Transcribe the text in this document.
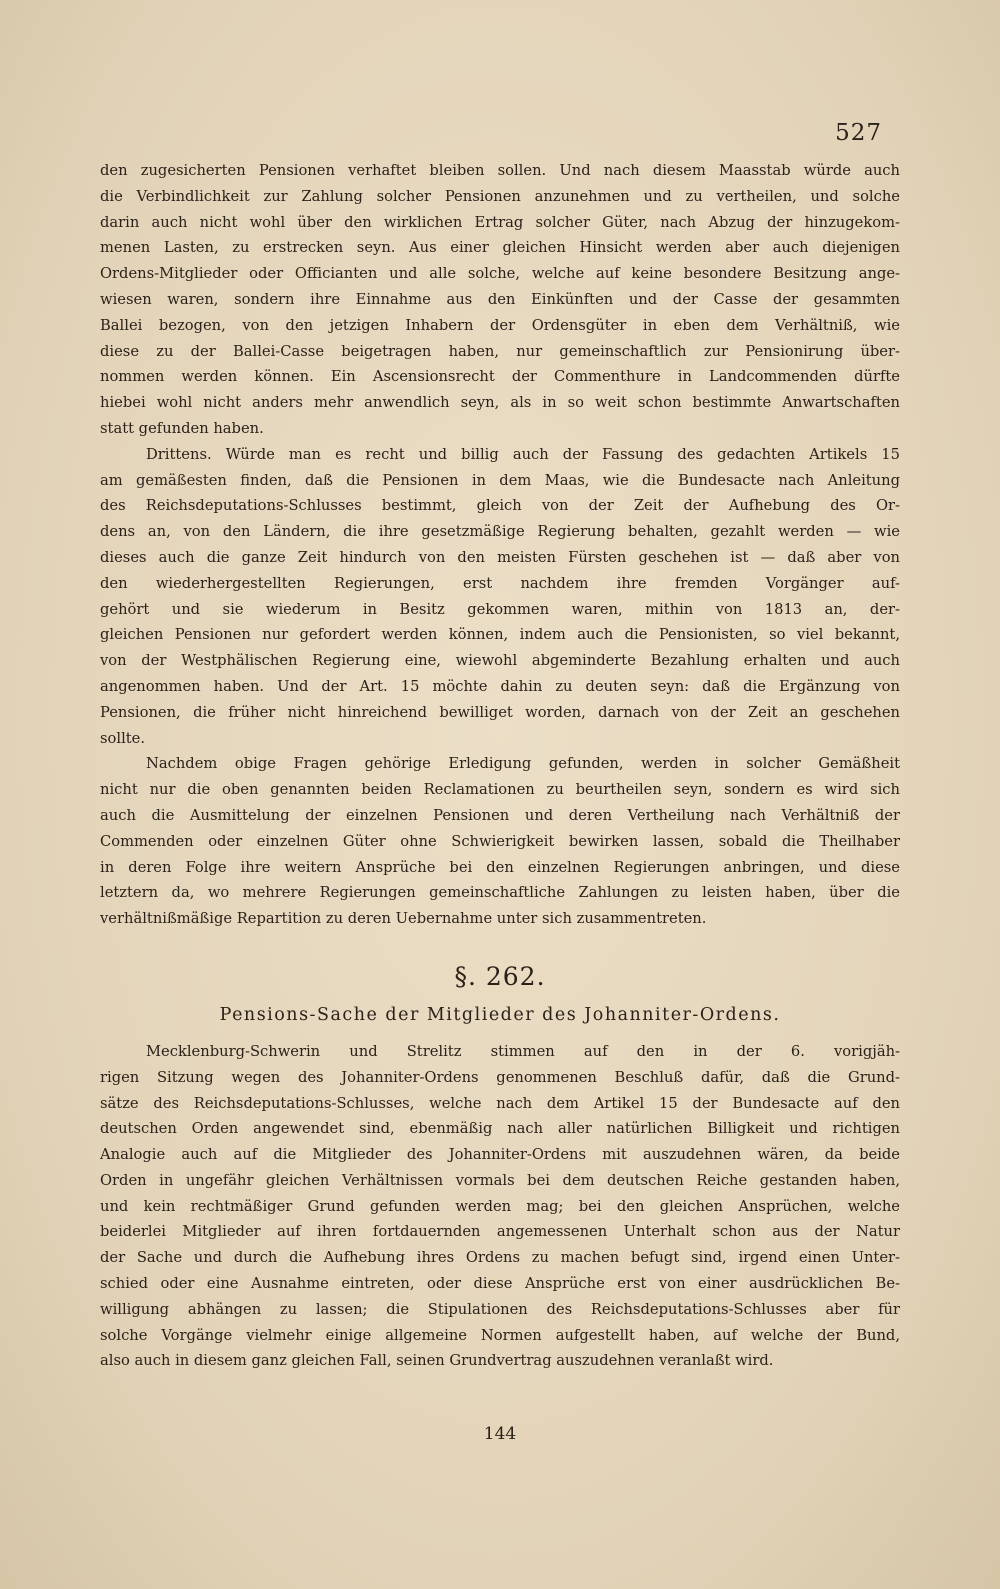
527
den zugesicherten Pensionen verhaftet bleiben sollen. Und nach diesem Maasstab würde auch
die Verbindlichkeit zur Zahlung solcher Pensionen anzunehmen und zu vertheilen, und solche
darin auch nicht wohl über den wirklichen Ertrag solcher Güter, nach Abzug der hinzugekom-
menen Lasten, zu erstrecken seyn. Aus einer gleichen Hinsicht werden aber auch diejenigen
Ordens-Mitglieder oder Officianten und alle solche, welche auf keine besondere Besitzung ange-
wiesen waren, sondern ihre Einnahme aus den Einkünften und der Casse der gesammten
Ballei bezogen, von den jetzigen Inhabern der Ordensgüter in eben dem Verhältniß, wie
diese zu der Ballei-Casse beigetragen haben, nur gemeinschaftlich zur Pensionirung über-
nommen werden können. Ein Ascensionsrecht der Commenthure in Landcommenden dürfte
hiebei wohl nicht anders mehr anwendlich seyn, als in so weit schon bestimmte Anwartschaften
statt gefunden haben.
Drittens. Würde man es recht und billig auch der Fassung des gedachten Artikels 15
am gemäßesten finden, daß die Pensionen in dem Maas, wie die Bundesacte nach Anleitung
des Reichsdeputations-Schlusses bestimmt, gleich von der Zeit der Aufhebung des Or-
dens an, von den Ländern, die ihre gesetzmäßige Regierung behalten, gezahlt werden — wie
dieses auch die ganze Zeit hindurch von den meisten Fürsten geschehen ist — daß aber von
den wiederhergestellten Regierungen, erst nachdem ihre fremden Vorgänger auf-
gehört und sie wiederum in Besitz gekommen waren, mithin von 1813 an, der-
gleichen Pensionen nur gefordert werden können, indem auch die Pensionisten, so viel bekannt,
von der Westphälischen Regierung eine, wiewohl abgeminderte Bezahlung erhalten und auch
angenommen haben. Und der Art. 15 möchte dahin zu deuten seyn: daß die Ergänzung von
Pensionen, die früher nicht hinreichend bewilliget worden, darnach von der Zeit an geschehen
sollte.
Nachdem obige Fragen gehörige Erledigung gefunden, werden in solcher Gemäßheit
nicht nur die oben genannten beiden Reclamationen zu beurtheilen seyn, sondern es wird sich
auch die Ausmittelung der einzelnen Pensionen und deren Vertheilung nach Verhältniß der
Commenden oder einzelnen Güter ohne Schwierigkeit bewirken lassen, sobald die Theilhaber
in deren Folge ihre weitern Ansprüche bei den einzelnen Regierungen anbringen, und diese
letztern da, wo mehrere Regierungen gemeinschaftliche Zahlungen zu leisten haben, über die
verhältnißmäßige Repartition zu deren Uebernahme unter sich zusammentreten.
§. 262.
Pensions-Sache der Mitglieder des Johanniter-Ordens.
Mecklenburg-Schwerin und Strelitz stimmen auf den in der 6. vorigjäh-
rigen Sitzung wegen des Johanniter-Ordens genommenen Beschluß dafür, daß die Grund-
sätze des Reichsdeputations-Schlusses, welche nach dem Artikel 15 der Bundesacte auf den
deutschen Orden angewendet sind, ebenmäßig nach aller natürlichen Billigkeit und richtigen
Analogie auch auf die Mitglieder des Johanniter-Ordens mit auszudehnen wären, da beide
Orden in ungefähr gleichen Verhältnissen vormals bei dem deutschen Reiche gestanden haben,
und kein rechtmäßiger Grund gefunden werden mag; bei den gleichen Ansprüchen, welche
beiderlei Mitglieder auf ihren fortdauernden angemessenen Unterhalt schon aus der Natur
der Sache und durch die Aufhebung ihres Ordens zu machen befugt sind, irgend einen Unter-
schied oder eine Ausnahme eintreten, oder diese Ansprüche erst von einer ausdrücklichen Be-
willigung abhängen zu lassen; die Stipulationen des Reichsdeputations-Schlusses aber für
solche Vorgänge vielmehr einige allgemeine Normen aufgestellt haben, auf welche der Bund,
also auch in diesem ganz gleichen Fall, seinen Grundvertrag auszudehnen veranlaßt wird.
144
